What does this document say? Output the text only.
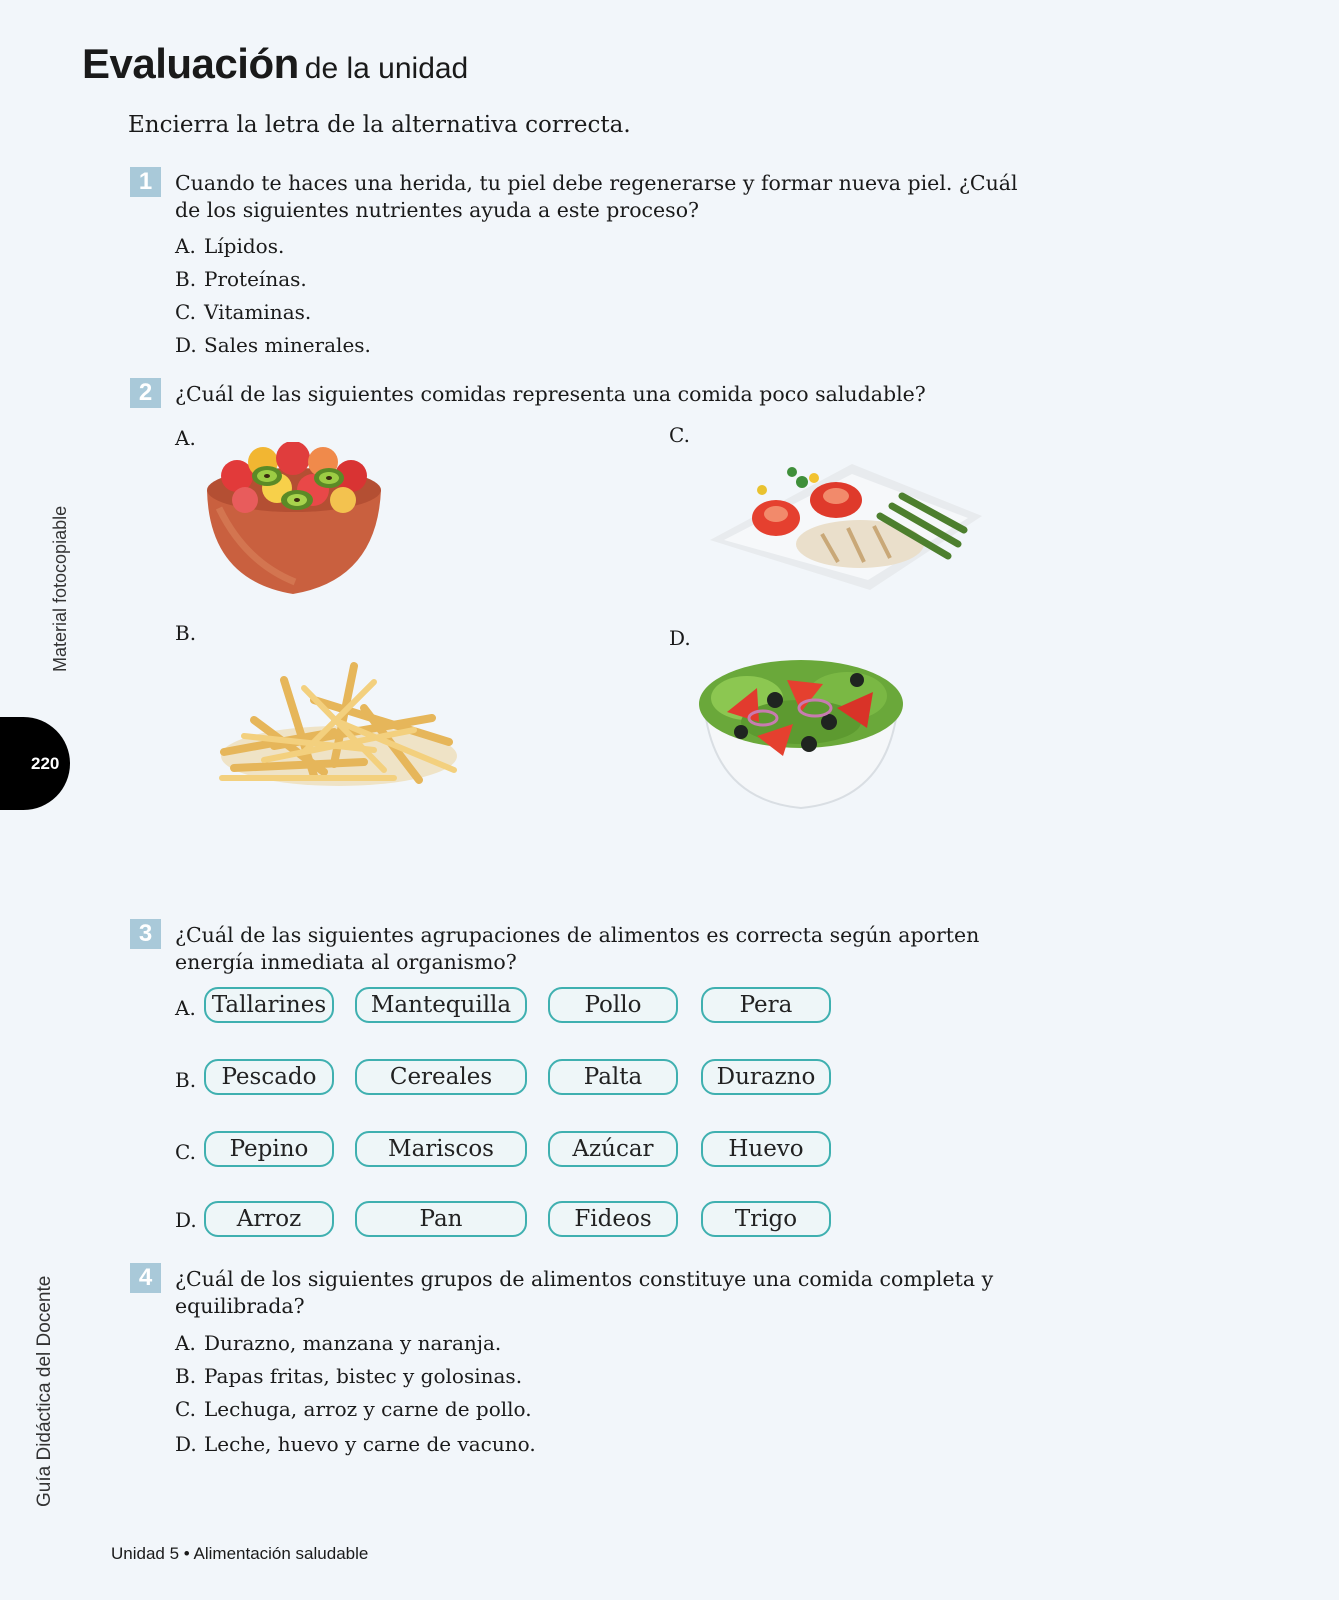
Evaluación de la unidad
Encierra la letra de la alternativa correcta.
1	Cuando te haces una herida, tu piel debe regenerarse y formar nueva piel. ¿Cuál de los siguientes nutrientes ayuda a este proceso?
A. Lípidos.
B. Proteínas.
C. Vitaminas.
D. Sales minerales.
2	¿Cuál de las siguientes comidas representa una comida poco saludable?
A.
B.
C.
D.
3	¿Cuál de las siguientes agrupaciones de alimentos es correcta según aporten energía inmediata al organismo?
A. Tallarines	Mantequilla	Pollo	Pera
B.	Pescado	Cereales	Palta	Durazno
C.	Pepino	Mariscos	Azúcar	Huevo
D.	Arroz	Pan	Fideos	Trigo
4	¿Cuál de los siguientes grupos de alimentos constituye una comida completa y equilibrada?
A. Durazno, manzana y naranja.
B. Papas fritas, bistec y golosinas.
C. Lechuga, arroz y carne de pollo.
D. Leche, huevo y carne de vacuno.
Material fotocopiable
220
Guía Didáctica del Docente
Unidad 5 • Alimentación saludable
